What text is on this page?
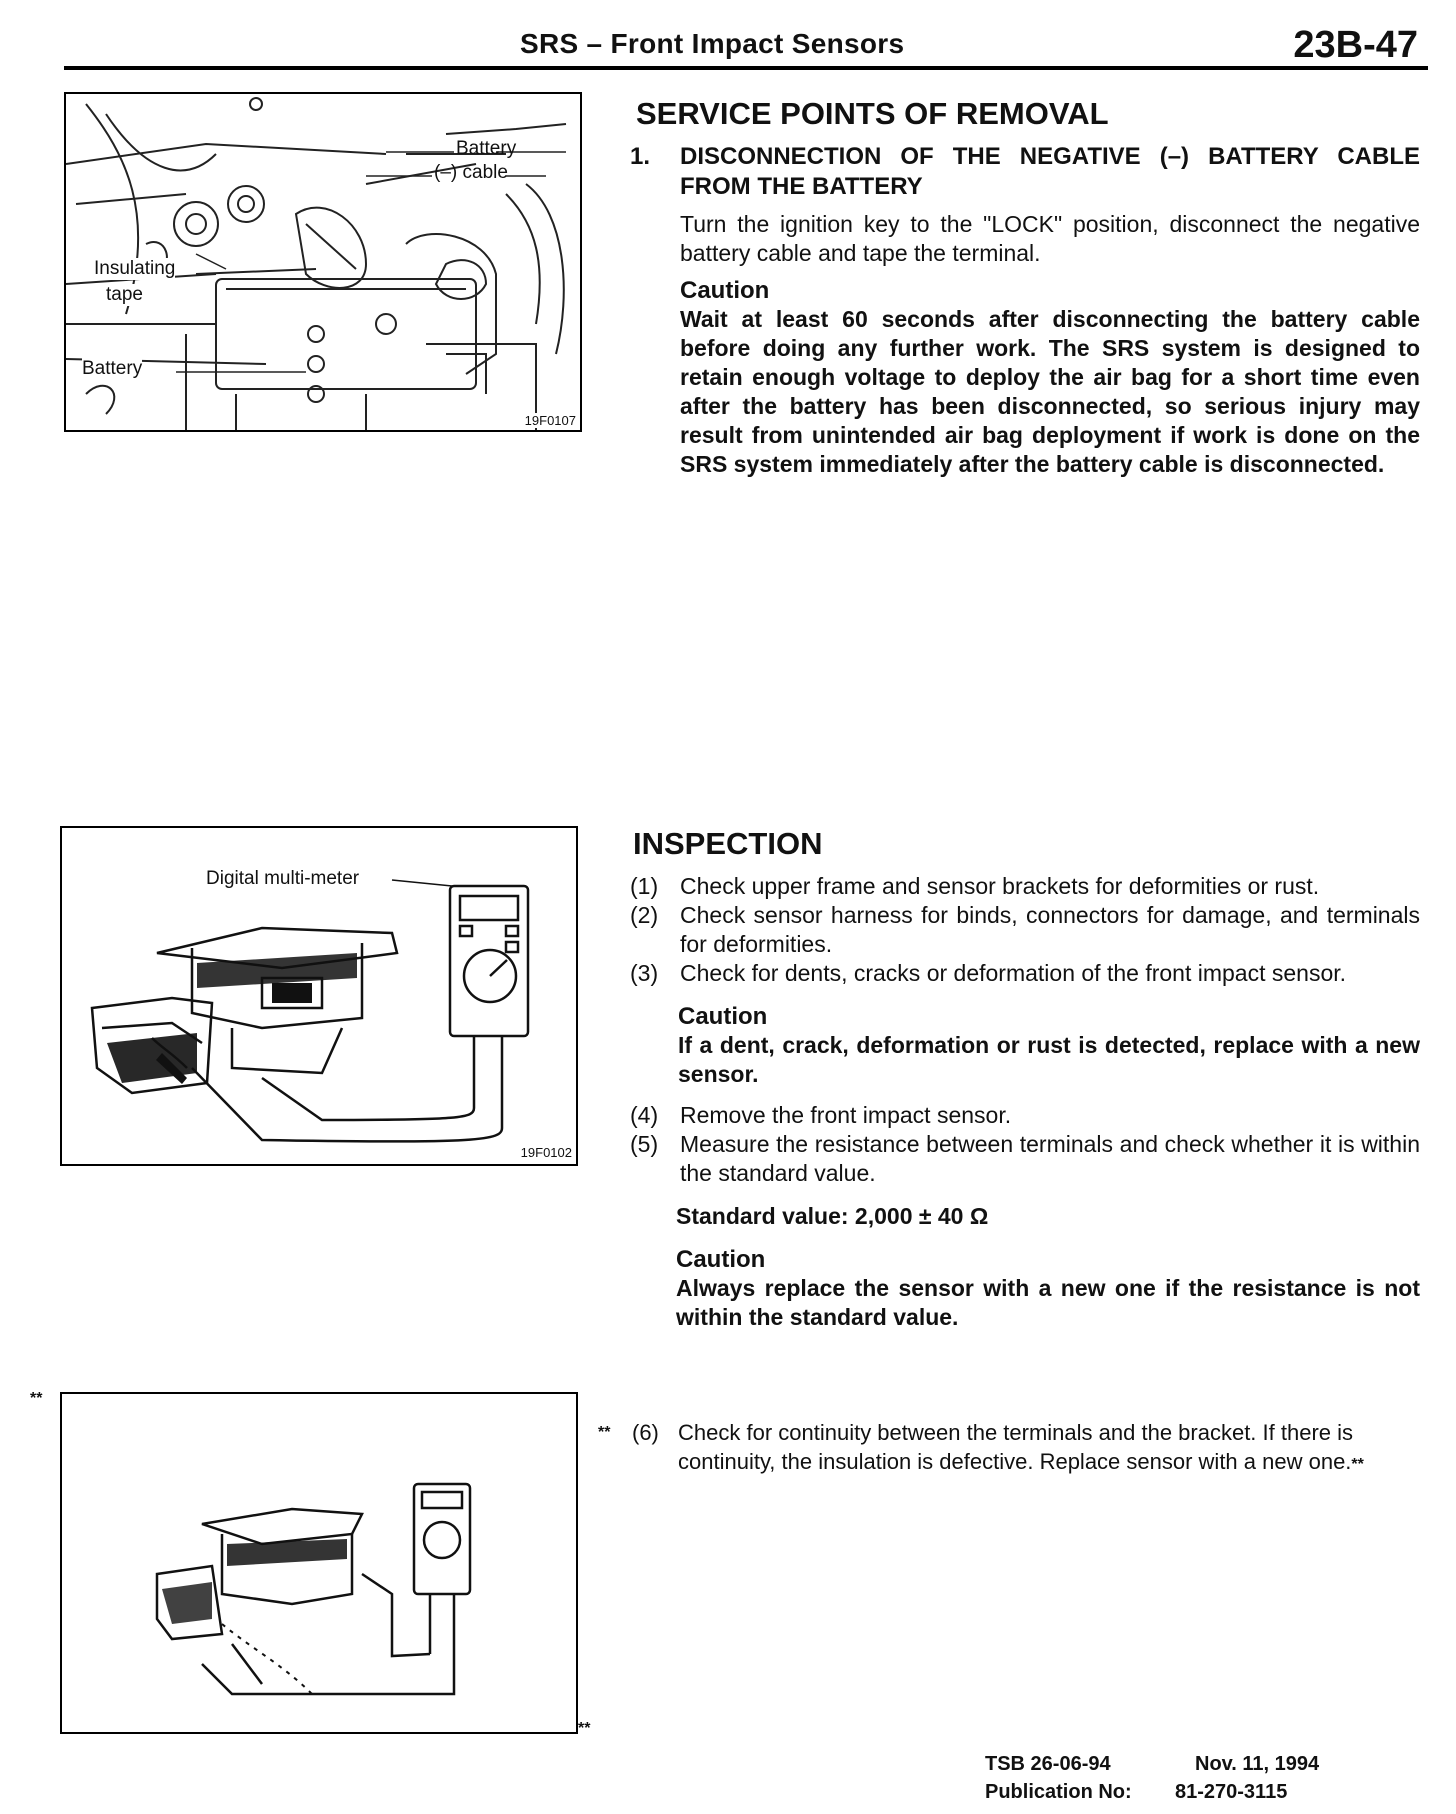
SRS – Front Impact Sensors	23B-47
Battery
(–) cable
Insulating
tape
Battery
19F0107
SERVICE POINTS OF REMOVAL
1. DISCONNECTION OF THE NEGATIVE (–) BATTERY CABLE FROM THE BATTERY
Turn the ignition key to the "LOCK" position, disconnect the negative battery cable and tape the terminal.
Caution
Wait at least 60 seconds after disconnecting the battery cable before doing any further work. The SRS system is designed to retain enough voltage to deploy the air bag for a short time even after the battery has been disconnected, so serious injury may result from unintended air bag deployment if work is done on the SRS system immediately after the battery cable is disconnected.
Digital multi-meter
19F0102
INSPECTION
(1) Check upper frame and sensor brackets for deformities or rust.
(2) Check sensor harness for binds, connectors for damage, and terminals for deformities.
(3) Check for dents, cracks or deformation of the front impact sensor.
Caution
If a dent, crack, deformation or rust is detected, replace with a new sensor.
(4) Remove the front impact sensor.
(5) Measure the resistance between terminals and check whether it is within the standard value.
Standard value: 2,000 ± 40 Ω
Caution
Always replace the sensor with a new one if the resistance is not within the standard value.
** (6) Check for continuity between the terminals and the bracket. If there is continuity, the insulation is defective. Replace sensor with a new one.**
**
**
TSB 26-06-94	Nov. 11, 1994
Publication No: 81-270-3115
